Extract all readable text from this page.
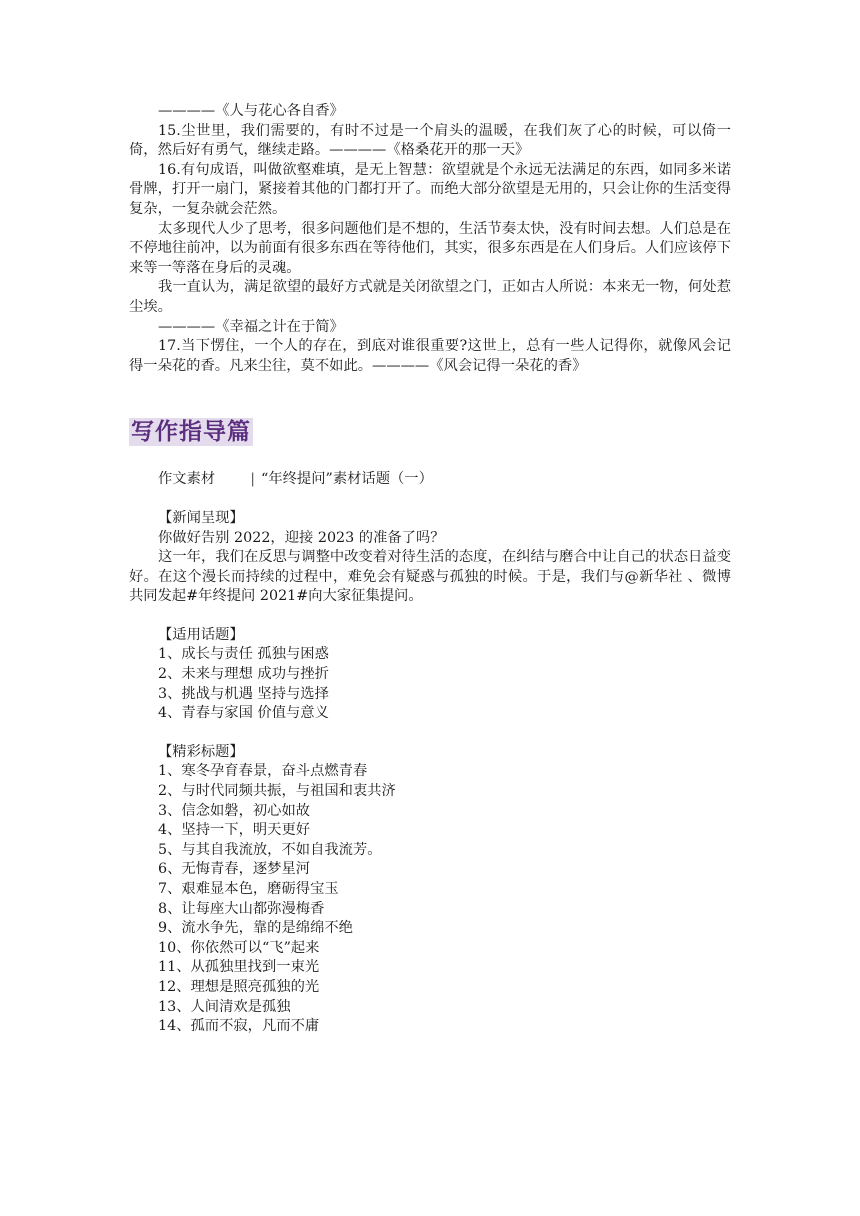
————《人与花心各自香》

15.尘世里，我们需要的，有时不过是一个肩头的温暖，在我们灰了心的时候，可以倚一倚，然后好有勇气，继续走路。————《格桑花开的那一天》

16.有句成语，叫做欲壑难填，是无上智慧：欲望就是个永远无法满足的东西，如同多米诺骨牌，打开一扇门，紧接着其他的门都打开了。而绝大部分欲望是无用的，只会让你的生活变得复杂，一复杂就会茫然。

太多现代人少了思考，很多问题他们是不想的，生活节奏太快，没有时间去想。人们总是在不停地往前冲，以为前面有很多东西在等待他们，其实，很多东西是在人们身后。人们应该停下来等一等落在身后的灵魂。

我一直认为，满足欲望的最好方式就是关闭欲望之门，正如古人所说：本来无一物，何处惹尘埃。

————《幸福之计在于简》

17.当下愣住，一个人的存在，到底对谁很重要?这世上，总有一些人记得你，就像风会记得一朵花的香。凡来尘往，莫不如此。————《风会记得一朵花的香》

写作指导篇

作文素材 | “年终提问”素材话题（一）

【新闻呈现】

你做好告别 2022，迎接 2023 的准备了吗？

这一年，我们在反思与调整中改变着对待生活的态度，在纠结与磨合中让自己的状态日益变好。在这个漫长而持续的过程中，难免会有疑惑与孤独的时候。于是，我们与@新华社 、微博共同发起#年终提问 2021#向大家征集提问。

【适用话题】

1、成长与责任 孤独与困惑
2、未来与理想 成功与挫折
3、挑战与机遇 坚持与选择
4、青春与家国 价值与意义

【精彩标题】

1、寒冬孕育春景，奋斗点燃青春
2、与时代同频共振，与祖国和衷共济
3、信念如磐，初心如故
4、坚持一下，明天更好
5、与其自我流放，不如自我流芳。
6、无悔青春，逐梦星河
7、艰难显本色，磨砺得宝玉
8、让每座大山都弥漫梅香
9、流水争先，靠的是绵绵不绝
10、你依然可以“飞”起来
11、从孤独里找到一束光
12、理想是照亮孤独的光
13、人间清欢是孤独
14、孤而不寂，凡而不庸
